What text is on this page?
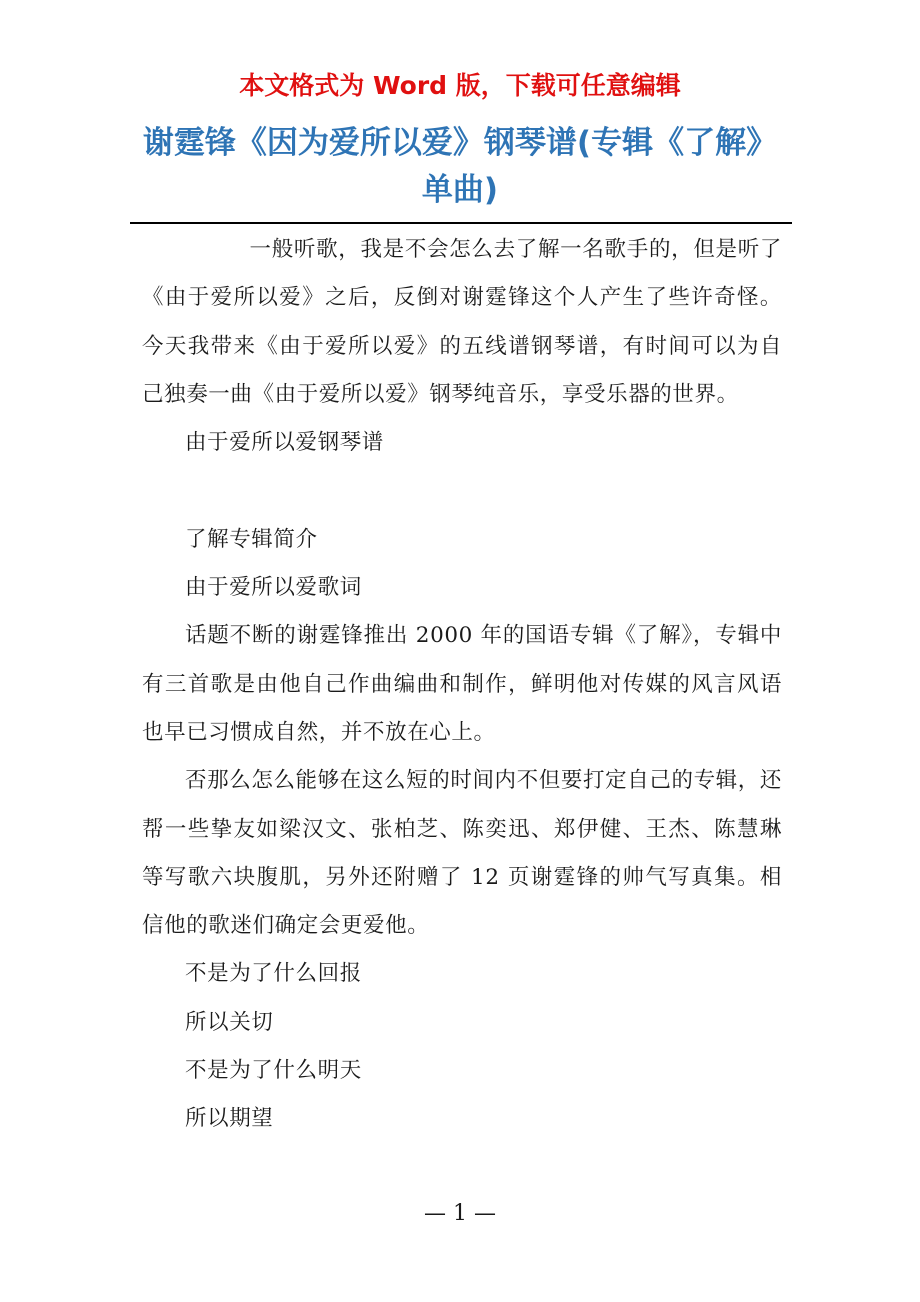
本文格式为 Word 版，下载可任意编辑
谢霆锋《因为爱所以爱》钢琴谱(专辑《了解》单曲)

一般听歌，我是不会怎么去了解一名歌手的，但是听了《由于爱所以爱》之后，反倒对谢霆锋这个人产生了些许奇怪。今天我带来《由于爱所以爱》的五线谱钢琴谱，有时间可以为自己独奏一曲《由于爱所以爱》钢琴纯音乐，享受乐器的世界。

由于爱所以爱钢琴谱

了解专辑简介

由于爱所以爱歌词

话题不断的谢霆锋推出 2000 年的国语专辑《了解》，专辑中有三首歌是由他自己作曲编曲和制作，鲜明他对传媒的风言风语也早已习惯成自然，并不放在心上。

否那么怎么能够在这么短的时间内不但要打定自己的专辑，还帮一些挚友如梁汉文、张柏芝、陈奕迅、郑伊健、王杰、陈慧琳等写歌六块腹肌，另外还附赠了 12 页谢霆锋的帅气写真集。相信他的歌迷们确定会更爱他。

不是为了什么回报

所以关切

不是为了什么明天

所以期望

— 1 —
